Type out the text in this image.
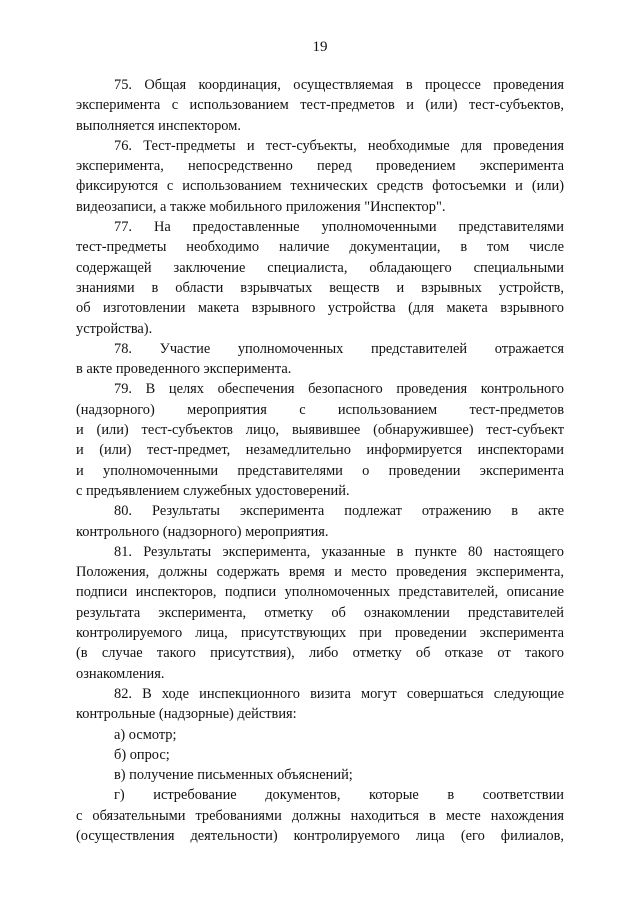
19
75. Общая координация, осуществляемая в процессе проведения
эксперимента с использованием тест-предметов и (или) тест-субъектов,
выполняется инспектором.
76. Тест-предметы и тест-субъекты, необходимые для проведения
эксперимента, непосредственно перед проведением эксперимента
фиксируются с использованием технических средств фотосъемки и (или)
видеозаписи, а также мобильного приложения "Инспектор".
77. На предоставленные уполномоченными представителями
тест-предметы необходимо наличие документации, в том числе
содержащей заключение специалиста, обладающего специальными
знаниями в области взрывчатых веществ и взрывных устройств,
об изготовлении макета взрывного устройства (для макета взрывного
устройства).
78. Участие уполномоченных представителей отражается
в акте проведенного эксперимента.
79. В целях обеспечения безопасного проведения контрольного
(надзорного) мероприятия с использованием тест-предметов
и (или) тест-субъектов лицо, выявившее (обнаружившее) тест-субъект
и (или) тест-предмет, незамедлительно информируется инспекторами
и уполномоченными представителями о проведении эксперимента
с предъявлением служебных удостоверений.
80. Результаты эксперимента подлежат отражению в акте
контрольного (надзорного) мероприятия.
81. Результаты эксперимента, указанные в пункте 80 настоящего
Положения, должны содержать время и место проведения эксперимента,
подписи инспекторов, подписи уполномоченных представителей, описание
результата эксперимента, отметку об ознакомлении представителей
контролируемого лица, присутствующих при проведении эксперимента
(в случае такого присутствия), либо отметку об отказе от такого
ознакомления.
82. В ходе инспекционного визита могут совершаться следующие
контрольные (надзорные) действия:
а) осмотр;
б) опрос;
в) получение письменных объяснений;
г) истребование документов, которые в соответствии
с обязательными требованиями должны находиться в месте нахождения
(осуществления деятельности) контролируемого лица (его филиалов,
